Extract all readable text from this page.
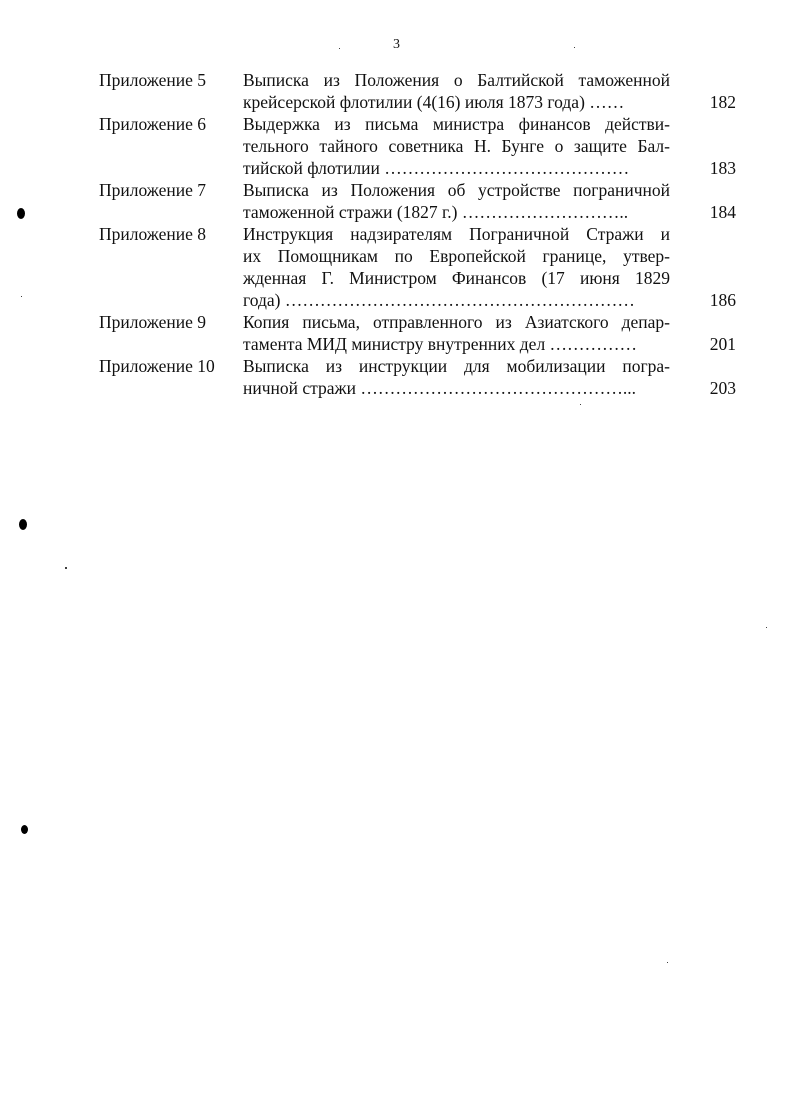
3
Приложение 5 Выписка из Положения о Балтийской таможенной
крейсерской флотилии (4(16) июля 1873 года) ……	182
Приложение 6 Выдержка из письма министра финансов действи-
тельного тайного советника Н. Бунге о защите Бал-
тийской флотилии ……………………………………	183
Приложение 7 Выписка из Положения об устройстве пограничной
таможенной стражи (1827 г.) ………………………..	184
Приложение 8 Инструкция надзирателям Пограничной Стражи и
их Помощникам по Европейской границе, утвер-
жденная Г. Министром Финансов (17 июня 1829
года) ……………………………………………………	186
Приложение 9 Копия письма, отправленного из Азиатского депар-
тамента МИД министру внутренних дел ……………	201
Приложение 10 Выписка из инструкции для мобилизации погра-
ничной стражи ………………………………………...	203
